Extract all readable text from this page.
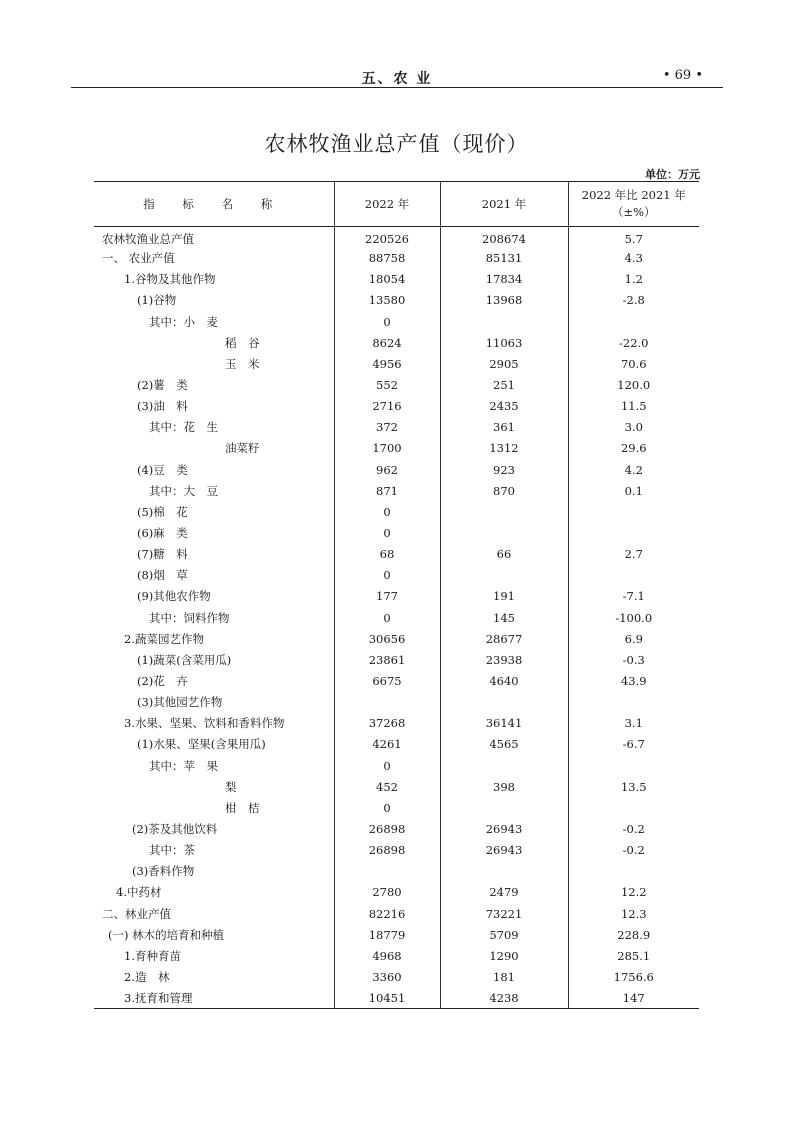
五、农 业	• 69 •
农林牧渔业总产值（现价）
单位：万元
指 标 名 称	2022 年	2021 年	2022 年比 2021 年
（±%）

农林牧渔业总产值	220526	208674	5.7
一、 农业产值	88758	85131	4.3
1.谷物及其他作物	18054	17834	1.2
(1)谷物	13580	13968	-2.8
其中：小　麦	0		
稻　谷	8624	11063	-22.0
玉　米	4956	2905	70.6
(2)薯　类	552	251	120.0
(3)油　料	2716	2435	11.5
其中：花　生	372	361	3.0
油菜籽	1700	1312	29.6
(4)豆　类	962	923	4.2
其中：大　豆	871	870	0.1
(5)棉　花	0		
(6)麻　类	0		
(7)糖　料	68	66	2.7
(8)烟　草	0		
(9)其他农作物	177	191	-7.1
其中：饲料作物	0	145	-100.0
2.蔬菜园艺作物	30656	28677	6.9
(1)蔬菜(含菜用瓜)	23861	23938	-0.3
(2)花　卉	6675	4640	43.9
(3)其他园艺作物			
3.水果、坚果、饮料和香料作物	37268	36141	3.1
(1)水果、坚果(含果用瓜)	4261	4565	-6.7
其中：苹　果	0		
梨	452	398	13.5
柑　桔	0		
(2)茶及其他饮料	26898	26943	-0.2
其中：茶	26898	26943	-0.2
(3)香料作物			
4.中药材	2780	2479	12.2
二、林业产值	82216	73221	12.3
(一) 林木的培育和种植	18779	5709	228.9
1.育种育苗	4968	1290	285.1
2.造　林	3360	181	1756.6
3.抚育和管理	10451	4238	147
